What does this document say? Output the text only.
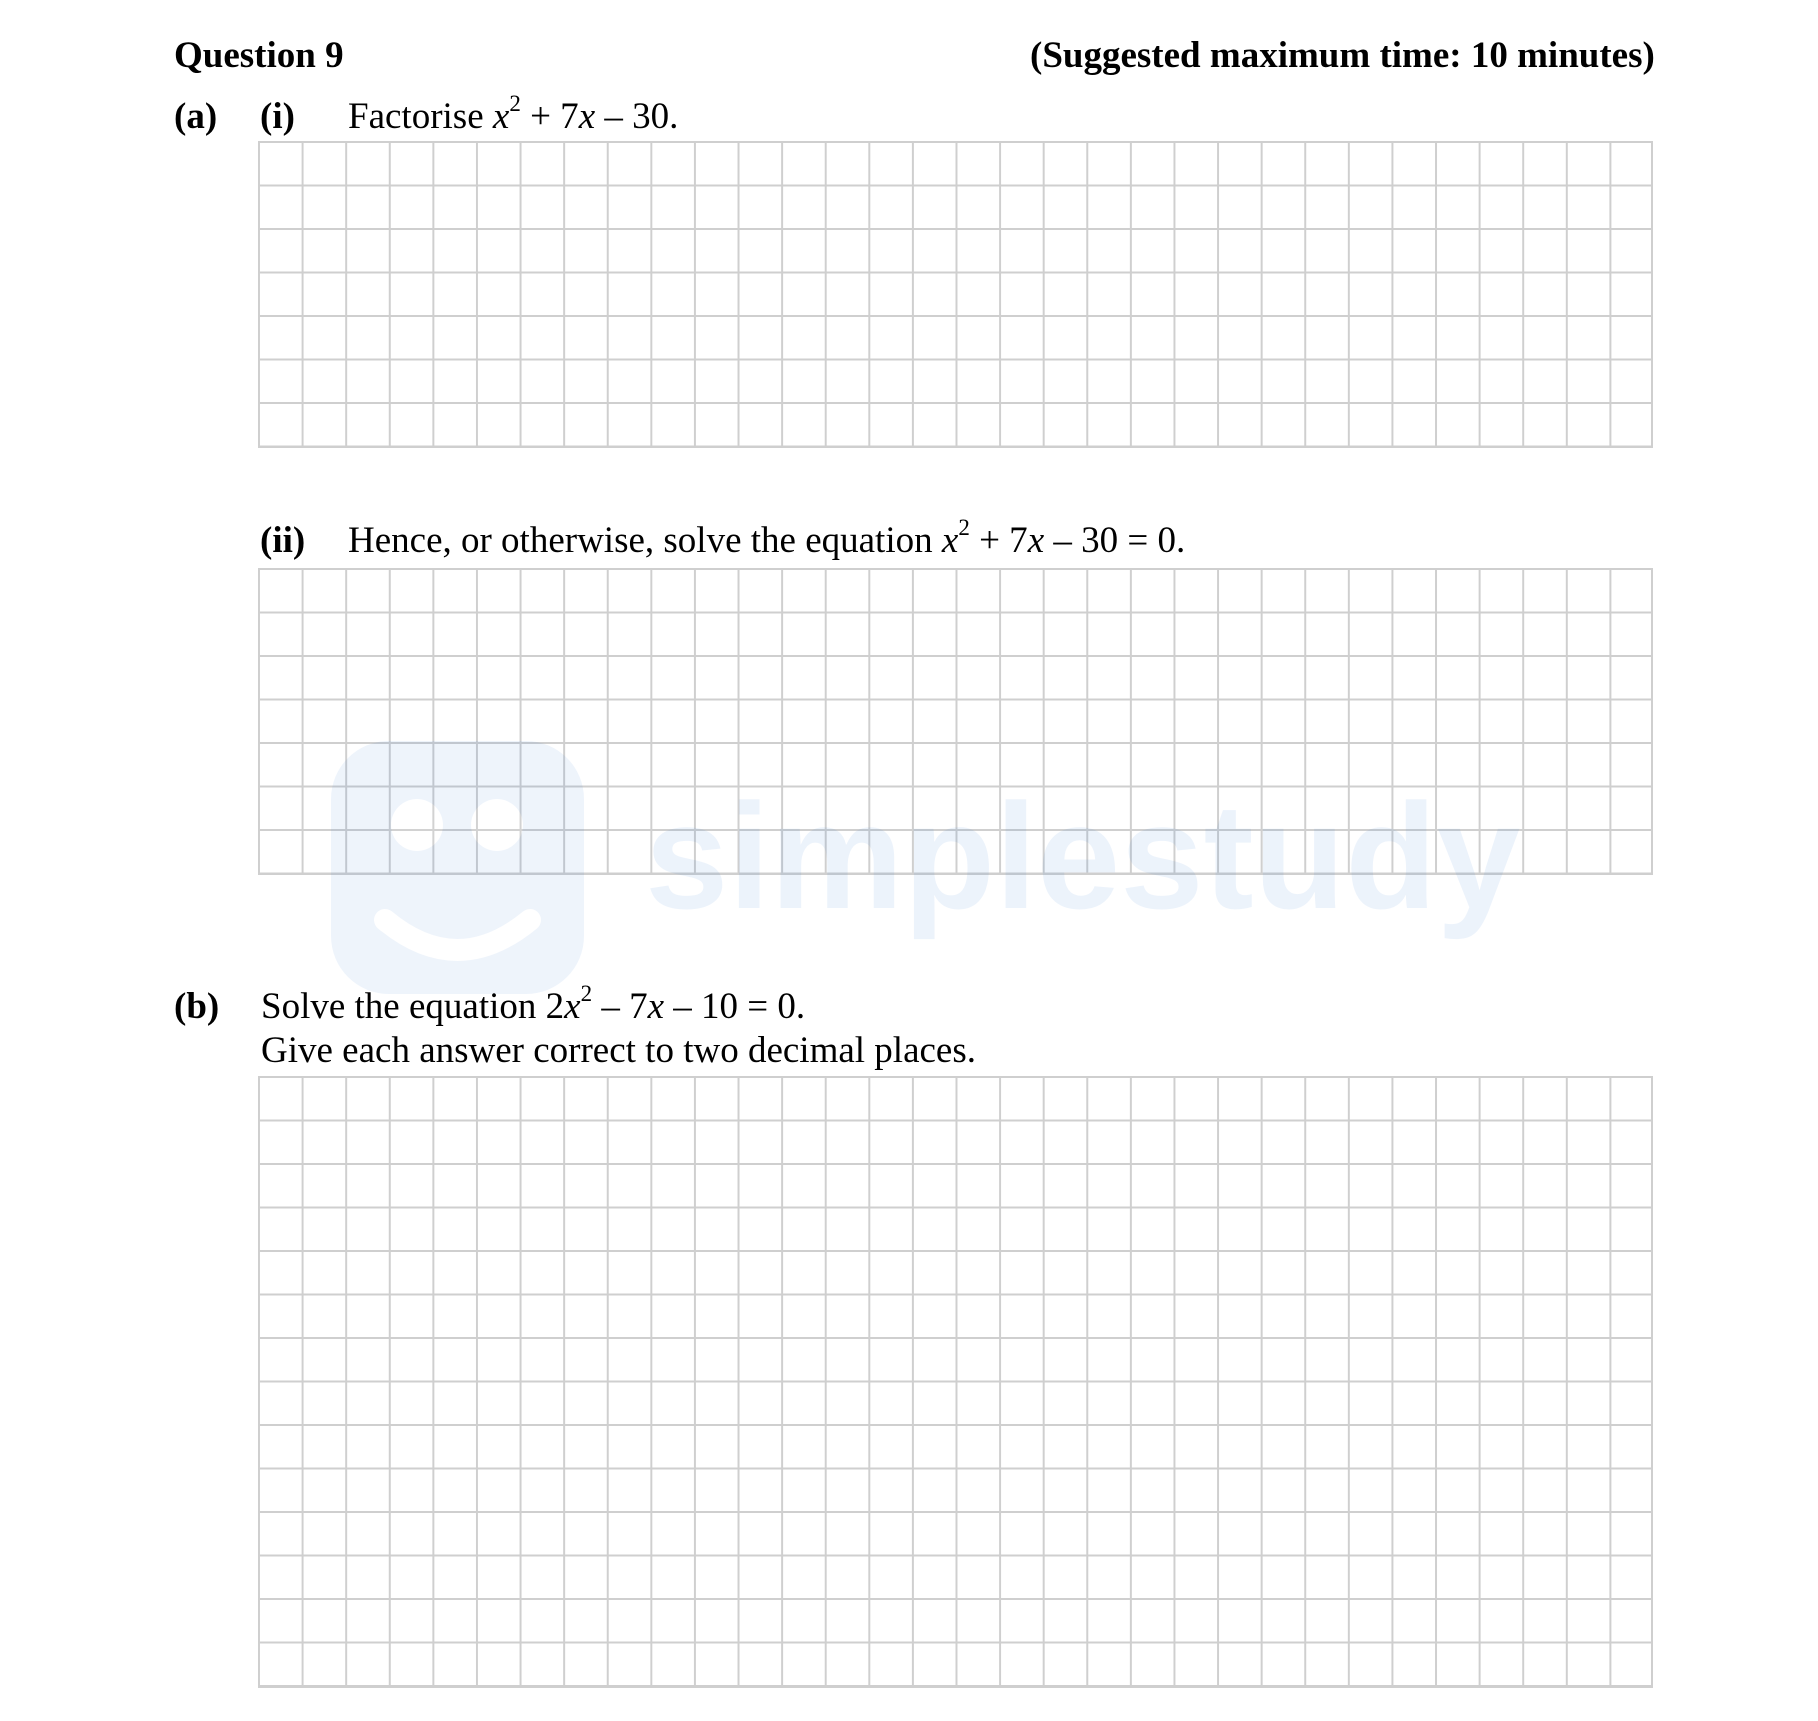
Question 9	(Suggested maximum time: 10 minutes)
(a) (i) Factorise $x^2 + 7x - 30$.
(ii) Hence, or otherwise, solve the equation $x^2 + 7x - 30 = 0$.
(b) Solve the equation $2x^2 - 7x - 10 = 0$.
Give each answer correct to two decimal places.
